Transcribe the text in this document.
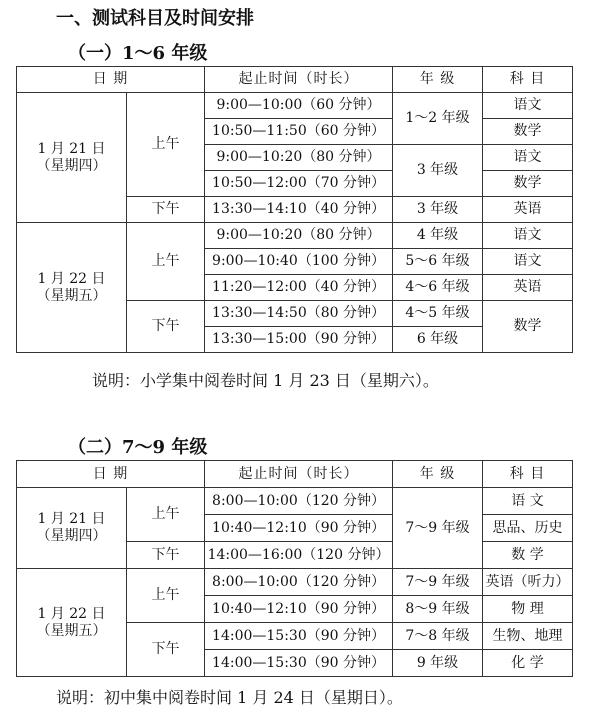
一、测试科目及时间安排
（一）1～6 年级
日 期		起止时间（时长）	年 级	科 目

1 月 21 日
（星期四）	上午	9:00—10:00（60 分钟）	1～2 年级	语文
		10:50—11:50（60 分钟）		数学
		9:00—10:20（80 分钟）	3 年级	语文
		10:50—12:00（70 分钟）		数学
	下午	13:30—14:10（40 分钟）	3 年级	英语

1 月 22 日
（星期五）	上午	9:00—10:20（80 分钟）	4 年级	语文
		9:00—10:40（100 分钟）	5～6 年级	语文
		11:20—12:00（40 分钟）	4～6 年级	英语
	下午	13:30—14:50（80 分钟）	4～5 年级	数学
		13:30—15:00（90 分钟）	6 年级	

说明：小学集中阅卷时间 1 月 23 日（星期六）。

（二）7～9 年级
日 期		起止时间（时长）	年 级	科 目

1 月 21 日
（星期四）	上午	8:00—10:00（120 分钟）	7～9 年级	语 文
		10:40—12:10（90 分钟）		思品、历史
	下午	14:00—16:00（120 分钟）		数 学

1 月 22 日
（星期五）	上午	8:00—10:00（120 分钟）	7～9 年级	英语（听力）
		10:40—12:10（90 分钟）	8～9 年级	物 理
	下午	14:00—15:30（90 分钟）	7～8 年级	生物、地理
		14:00—15:30（90 分钟）	9 年级	化 学

说明：初中集中阅卷时间 1 月 24 日（星期日）。
